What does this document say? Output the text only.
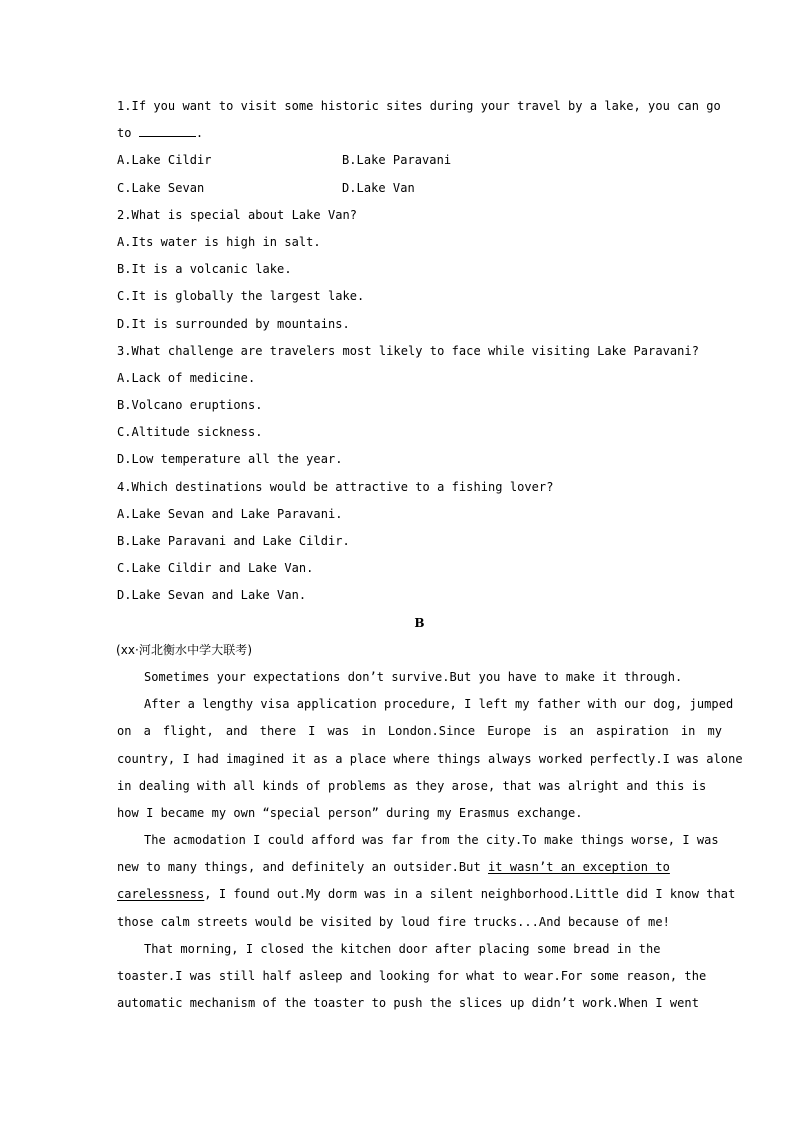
1.If you want to visit some historic sites during your travel by a lake, you can go
to	.
A.Lake Cildir	B.Lake Paravani
C.Lake Sevan	D.Lake Van
2.What is special about Lake Van?
A.Its water is high in salt.
B.It is a volcanic lake.
C.It is globally the largest lake.
D.It is surrounded by mountains.
3.What challenge are travelers most likely to face while visiting Lake Paravani?
A.Lack of medicine.
B.Volcano eruptions.
C.Altitude sickness.
D.Low temperature all the year.
4.Which destinations would be attractive to a fishing lover?
A.Lake Sevan and Lake Paravani.
B.Lake Paravani and Lake Cildir.
C.Lake Cildir and Lake Van.
D.Lake Sevan and Lake Van.
B
(xx·河北衡水中学大联考)
Sometimes your expectations don’t survive.But you have to make it through.
After a lengthy visa application procedure, I left my father with our dog, jumped
on a flight, and there I was in London.Since Europe is an aspiration in my
country, I had imagined it as a place where things always worked perfectly.I was alone
in dealing with all kinds of problems as they arose, that was alright and this is
how I became my own “special person” during my Erasmus exchange.
The acmodation I could afford was far from the city.To make things worse, I was
new to many things, and definitely an outsider.But it wasn’t an exception to
carelessness, I found out.My dorm was in a silent neighborhood.Little did I know that
those calm streets would be visited by loud fire trucks...And because of me!
That morning, I closed the kitchen door after placing some bread in the
toaster.I was still half asleep and looking for what to wear.For some reason, the
automatic mechanism of the toaster to push the slices up didn’t work.When I went
